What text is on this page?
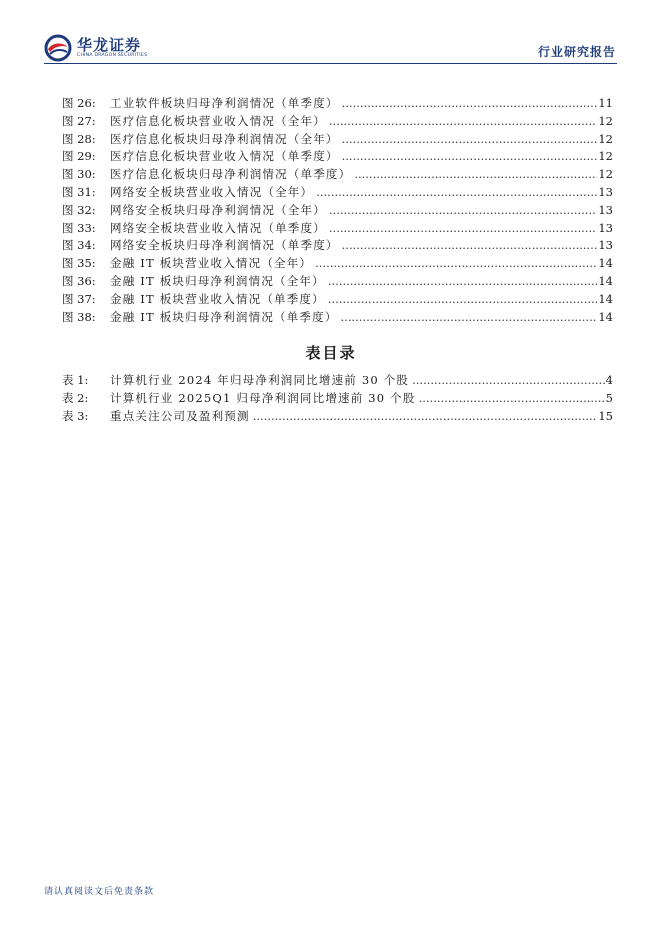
华龙证券
CHINA DRAGON SECURITIES	行业研究报告
图 26:	工业软件板块归母净利润情况（单季度） .....	11
图 27:	医疗信息化板块营业收入情况（全年） .....	12
图 28:	医疗信息化板块归母净利润情况（全年） .....	12
图 29:	医疗信息化板块营业收入情况（单季度） .....	12
图 30:	医疗信息化板块归母净利润情况（单季度） .....	12
图 31:	网络安全板块营业收入情况（全年） .....	13
图 32:	网络安全板块归母净利润情况（全年） .....	13
图 33:	网络安全板块营业收入情况（单季度） .....	13
图 34:	网络安全板块归母净利润情况（单季度） .....	13
图 35:	金融 IT 板块营业收入情况（全年） .....	14
图 36:	金融 IT 板块归母净利润情况（全年） .....	14
图 37:	金融 IT 板块营业收入情况（单季度） .....	14
图 38:	金融 IT 板块归母净利润情况（单季度） .....	14
表目录
表 1:	计算机行业 2024 年归母净利润同比增速前 30 个股 .....	4
表 2:	计算机行业 2025Q1 归母净利润同比增速前 30 个股 .....	5
表 3:	重点关注公司及盈利预测 .....	15
请认真阅读文后免责条款
